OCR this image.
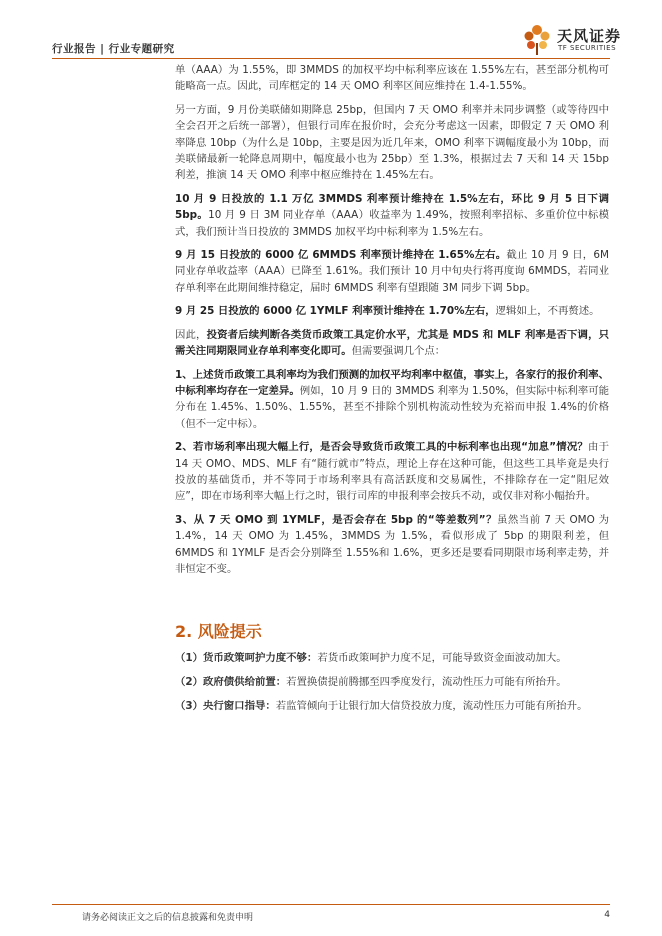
行业报告 | 行业专题研究
天风证券
TF SECURITIES

单（AAA）为 1.55%，即 3MMDS 的加权平均中标利率应该在 1.55%左右，甚至部分机构可能略高一点。因此，司库框定的 14 天 OMO 利率区间应维持在 1.4-1.55%。

另一方面，9 月份美联储如期降息 25bp，但国内 7 天 OMO 利率并未同步调整（或等待四中全会召开之后统一部署），但银行司库在报价时，会充分考虑这一因素，即假定 7 天 OMO 利率降息 10bp（为什么是 10bp，主要是因为近几年来，OMO 利率下调幅度最小为 10bp，而美联储最新一轮降息周期中，幅度最小也为 25bp）至 1.3%，根据过去 7 天和 14 天 15bp 利差，推演 14 天 OMO 利率中枢应维持在 1.45%左右。

10 月 9 日投放的 1.1 万亿 3MMDS 利率预计维持在 1.5%左右，环比 9 月 5 日下调 5bp。10 月 9 日 3M 同业存单（AAA）收益率为 1.49%，按照利率招标、多重价位中标模式，我们预计当日投放的 3MMDS 加权平均中标利率为 1.5%左右。

9 月 15 日投放的 6000 亿 6MMDS 利率预计维持在 1.65%左右。截止 10 月 9 日，6M 同业存单收益率（AAA）已降至 1.61%。我们预计 10 月中旬央行将再度询 6MMDS，若同业存单利率在此期间维持稳定，届时 6MMDS 利率有望跟随 3M 同步下调 5bp。

9 月 25 日投放的 6000 亿 1YMLF 利率预计维持在 1.70%左右，逻辑如上，不再赘述。

因此，投资者后续判断各类货币政策工具定价水平，尤其是 MDS 和 MLF 利率是否下调，只需关注同期限同业存单利率变化即可。但需要强调几个点：

1、上述货币政策工具利率均为我们预测的加权平均利率中枢值，事实上，各家行的报价利率、中标利率均存在一定差异。例如，10 月 9 日的 3MMDS 利率为 1.50%，但实际中标利率可能分布在 1.45%、1.50%、1.55%，甚至不排除个别机构流动性较为充裕而申报 1.4%的价格（但不一定中标）。

2、若市场利率出现大幅上行，是否会导致货币政策工具的中标利率也出现“加息”情况？由于 14 天 OMO、MDS、MLF 有“随行就市”特点，理论上存在这种可能，但这些工具毕竟是央行投放的基础货币，并不等同于市场利率具有高活跃度和交易属性，不排除存在一定“阻尼效应”，即在市场利率大幅上行之时，银行司库的申报利率会按兵不动，或仅非对称小幅抬升。

3、从 7 天 OMO 到 1YMLF，是否会存在 5bp 的“等差数列”？虽然当前 7 天 OMO 为 1.4%，14 天 OMO 为 1.45%，3MMDS 为 1.5%，看似形成了 5bp 的期限利差，但 6MMDS 和 1YMLF 是否会分别降至 1.55%和 1.6%，更多还是要看同期限市场利率走势，并非恒定不变。

2. 风险提示
（1）货币政策呵护力度不够：若货币政策呵护力度不足，可能导致资金面波动加大。
（2）政府债供给前置：若置换债提前腾挪至四季度发行，流动性压力可能有所抬升。
（3）央行窗口指导：若监管倾向于让银行加大信贷投放力度，流动性压力可能有所抬升。
请务必阅读正文之后的信息披露和免责申明	4
